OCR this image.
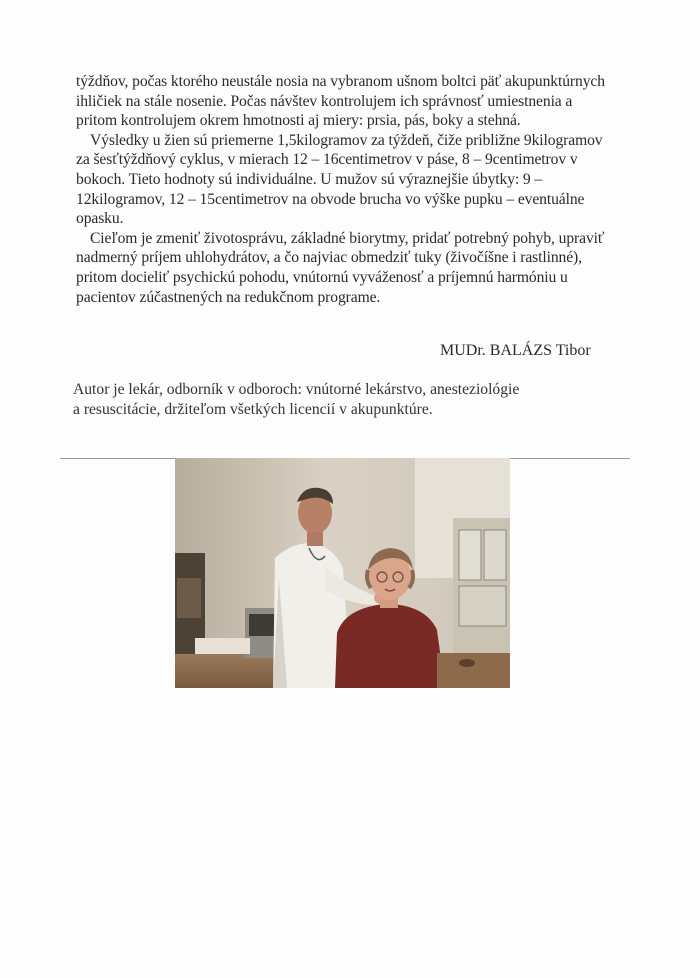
týždňov, počas ktorého neustále nosia na vybranom ušnom boltci päť akupunktúrnych ihličiek na stále nosenie. Počas návštev kontrolujem ich správnosť umiestnenia a pritom kontrolujem okrem hmotnosti aj miery: prsia, pás, boky a stehná.

Výsledky u žien sú priemerne 1,5kilogramov za týždeň, čiže približne 9kilogramov za šesťtýždňový cyklus, v mierach 12 – 16centimetrov v páse, 8 – 9centimetrov v bokoch. Tieto hodnoty sú individuálne. U mužov sú výraznejšie úbytky: 9 – 12kilogramov, 12 – 15centimetrov na obvode brucha vo výške pupku – eventuálne opasku.

Cieľom je zmeniť životosprávu, základné biorytmy, pridať potrebný pohyb, upraviť nadmerný príjem uhlohydrátov, a čo najviac obmedziť tuky (živočíšne i rastlinné), pritom docieliť psychickú pohodu, vnútornú vyváženosť a príjemnú harmóniu u pacientov zúčastnených na redukčnom programe.

MUDr. BALÁZS Tibor
Autor je lekár, odborník v odboroch: vnútorné lekárstvo, anesteziológie
a resuscitácie, držiteľom všetkých licencií v akupunktúre.
